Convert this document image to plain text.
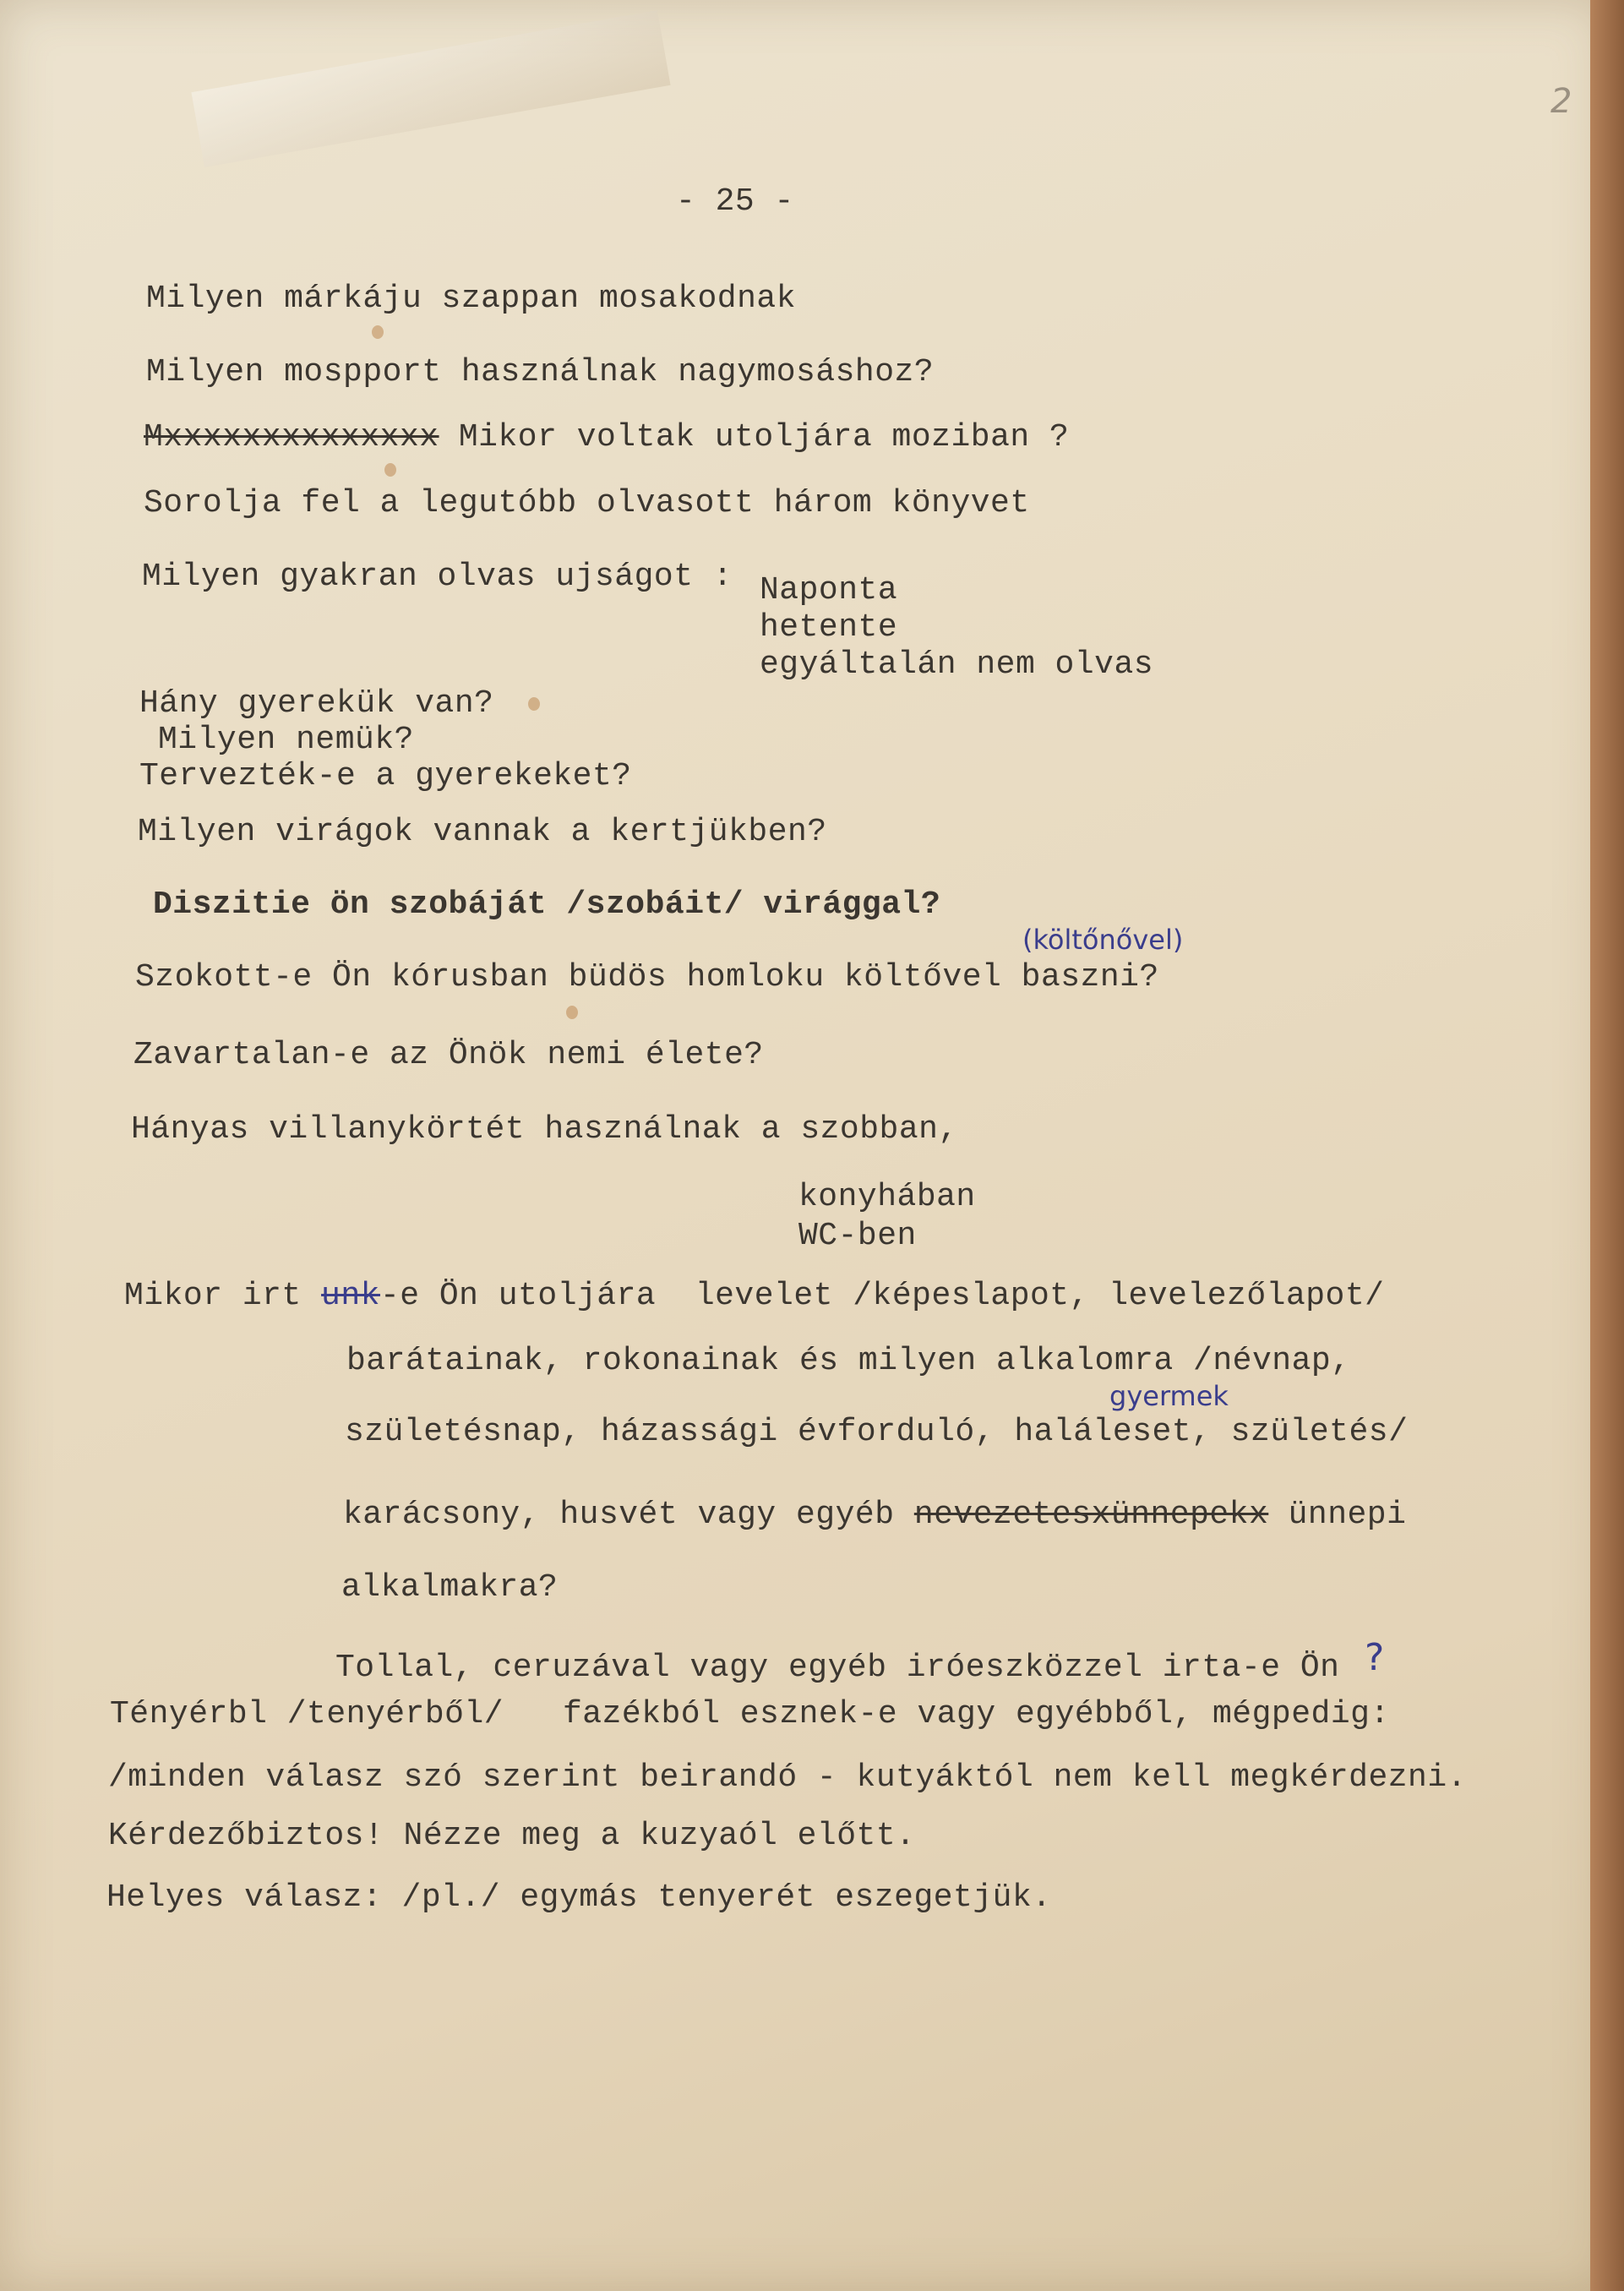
2
- 25 -
Milyen márkáju szappan mosakodnak
Milyen mospport használnak nagymosáshoz?
Mxxxxxxxxxxxxxx Mikor voltak utoljára moziban ?
Sorolja fel a legutóbb olvasott három könyvet
Milyen gyakran olvas ujságot : Naponta
hetente
egyáltalán nem olvas
Hány gyerekük van?
Milyen nemük?
Tervezték-e a gyerekeket?
Milyen virágok vannak a kertjükben?
Diszitie ön szobáját /szobáit/ virággal?
(költőnővel)
Szokott-e Ön kórusban büdös homloku költővel baszni?
Zavartalan-e az Önök nemi élete?
Hányas villanykörtét használnak a szobban,
konyhában
WC-ben
Mikor irt unk-e Ön utoljára  levelet /képeslapot, levelezőlapot/
barátainak, rokonainak és milyen alkalomra /névnap,
gyermek
születésnap, házassági évforduló, haláleset, születés/
karácsony, husvét vagy egyéb nevezetesxünnepekx ünnepi
alkalmakra?
Tollal, ceruzával vagy egyéb iróeszközzel irta-e Ön ?
Tényérbl /tenyérből/   fazékból esznek-e vagy egyébből, mégpedig:
/minden válasz szó szerint beirandó - kutyáktól nem kell megkérdezni.
Kérdezőbiztos! Nézze meg a kuzyaól előtt.
Helyes válasz: /pl./ egymás tenyerét eszegetjük.
